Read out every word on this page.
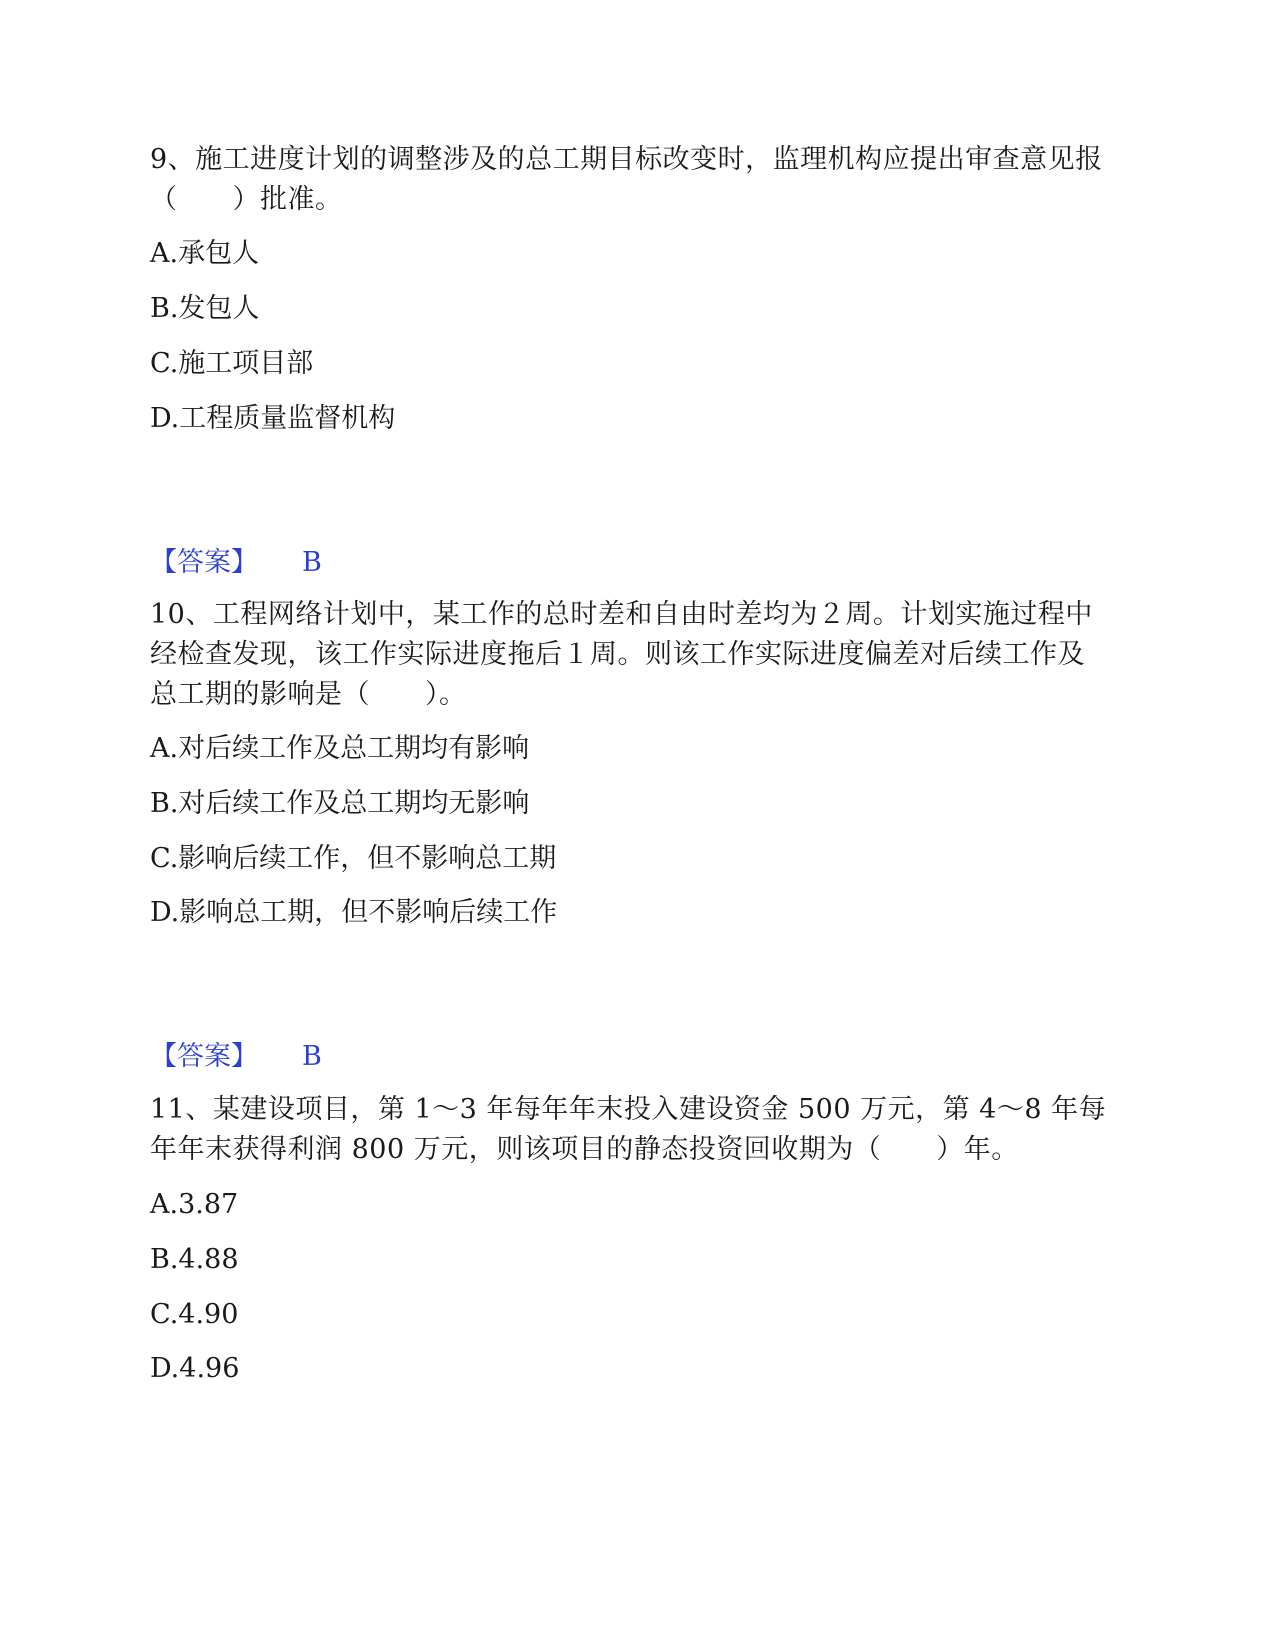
9、施工进度计划的调整涉及的总工期目标改变时，监理机构应提出审查意见报（　　）批准。
A.承包人
B.发包人
C.施工项目部
D.工程质量监督机构
【答案】 B
10、工程网络计划中，某工作的总时差和自由时差均为２周。计划实施过程中经检查发现，该工作实际进度拖后１周。则该工作实际进度偏差对后续工作及总工期的影响是（　　）。
A.对后续工作及总工期均有影响
B.对后续工作及总工期均无影响
C.影响后续工作，但不影响总工期
D.影响总工期，但不影响后续工作
【答案】 B
11、某建设项目，第 1～3 年每年年末投入建设资金 500 万元，第 4～8 年每年年末获得利润 800 万元，则该项目的静态投资回收期为（　　）年。
A.3.87
B.4.88
C.4.90
D.4.96
